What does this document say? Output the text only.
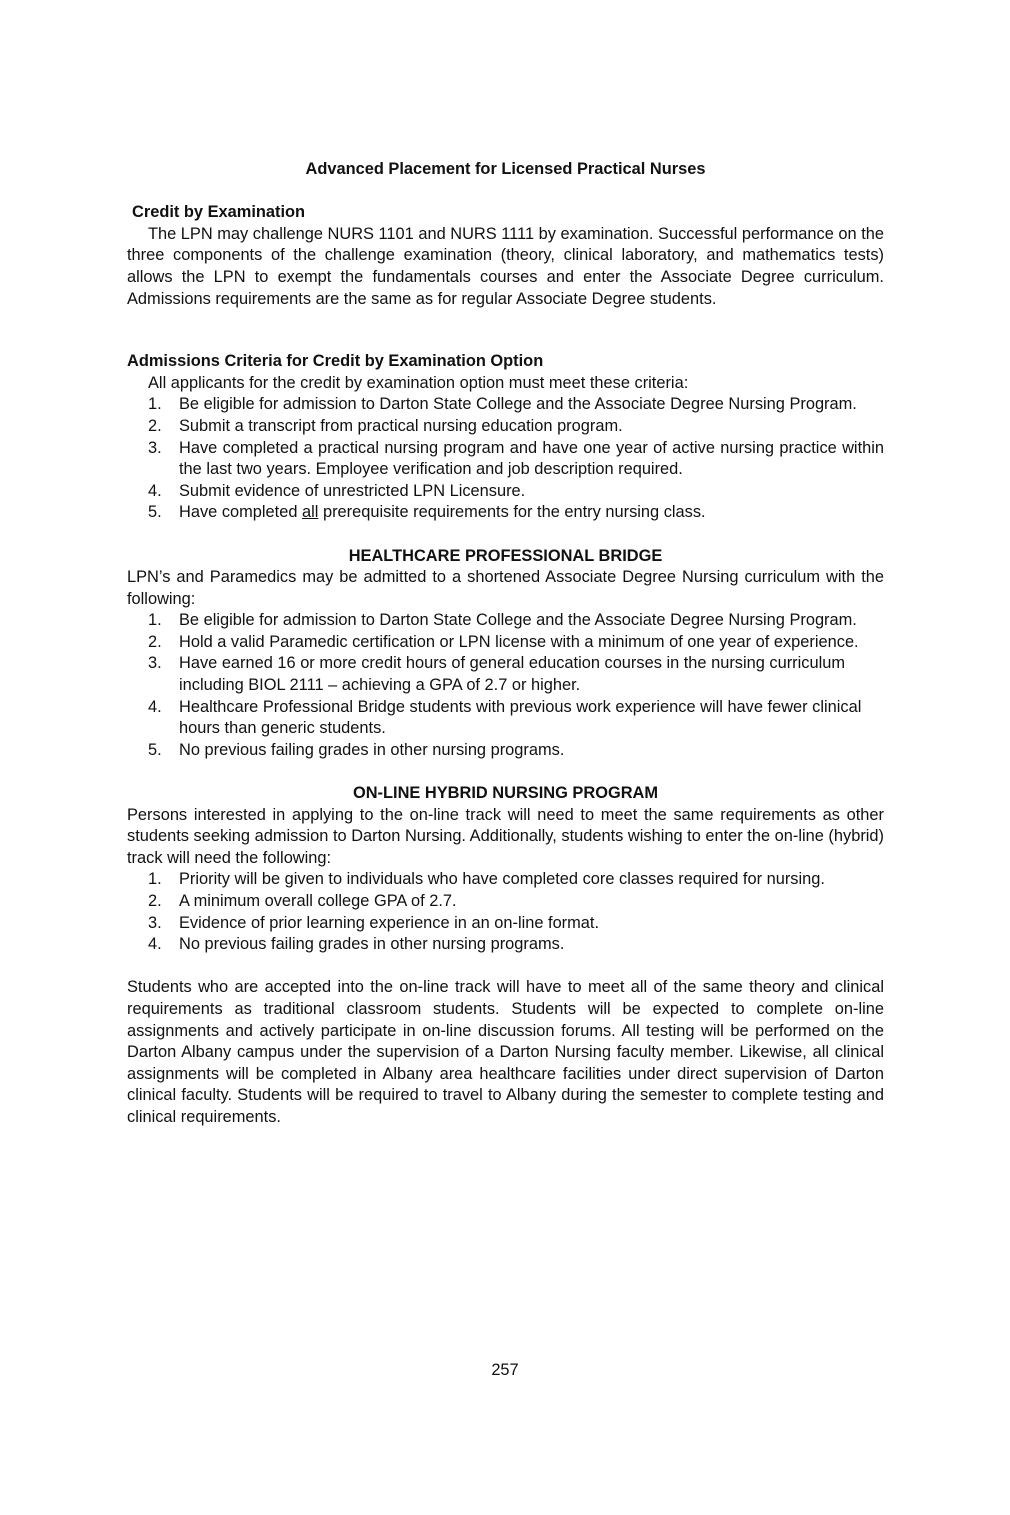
Advanced Placement for Licensed Practical Nurses

Credit by Examination

The LPN may challenge NURS 1101 and NURS 1111 by examination. Successful performance on the three components of the challenge examination (theory, clinical laboratory, and mathematics tests) allows the LPN to exempt the fundamentals courses and enter the Associate Degree curriculum. Admissions requirements are the same as for regular Associate Degree students.

Admissions Criteria for Credit by Examination Option

All applicants for the credit by examination option must meet these criteria:

1.	Be eligible for admission to Darton State College and the Associate Degree Nursing Program.
2.	Submit a transcript from practical nursing education program.
3.	Have completed a practical nursing program and have one year of active nursing practice within the last two years. Employee verification and job description required.
4.	Submit evidence of unrestricted LPN Licensure.
5.	Have completed all prerequisite requirements for the entry nursing class.

HEALTHCARE PROFESSIONAL BRIDGE

LPN’s and Paramedics may be admitted to a shortened Associate Degree Nursing curriculum with the following:

1.	Be eligible for admission to Darton State College and the Associate Degree Nursing Program.
2.	Hold a valid Paramedic certification or LPN license with a minimum of one year of experience.
3.	Have earned 16 or more credit hours of general education courses in the nursing curriculum including BIOL 2111 – achieving a GPA of 2.7 or higher.
4.	Healthcare Professional Bridge students with previous work experience will have fewer clinical hours than generic students.
5.	No previous failing grades in other nursing programs.

ON-LINE HYBRID NURSING PROGRAM

Persons interested in applying to the on-line track will need to meet the same requirements as other students seeking admission to Darton Nursing. Additionally, students wishing to enter the on-line (hybrid) track will need the following:

1.	Priority will be given to individuals who have completed core classes required for nursing.
2.	A minimum overall college GPA of 2.7.
3.	Evidence of prior learning experience in an on-line format.
4.	No previous failing grades in other nursing programs.

Students who are accepted into the on-line track will have to meet all of the same theory and clinical requirements as traditional classroom students. Students will be expected to complete on-line assignments and actively participate in on-line discussion forums. All testing will be performed on the Darton Albany campus under the supervision of a Darton Nursing faculty member. Likewise, all clinical assignments will be completed in Albany area healthcare facilities under direct supervision of Darton clinical faculty. Students will be required to travel to Albany during the semester to complete testing and clinical requirements.

257
